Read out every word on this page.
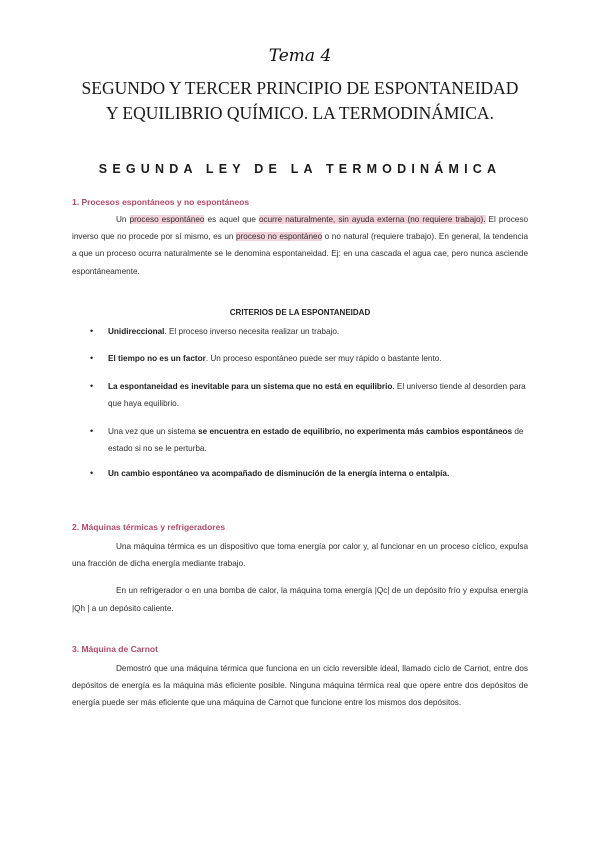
Tema 4
SEGUNDO Y TERCER PRINCIPIO DE ESPONTANEIDAD
Y EQUILIBRIO QUÍMICO. LA TERMODINÁMICA.
SEGUNDA LEY DE LA TERMODINÁMICA

1. Procesos espontáneos y no espontáneos

Un proceso espontáneo es aquel que ocurre naturalmente, sin ayuda externa (no requiere trabajo). El proceso inverso que no procede por sí mismo, es un proceso no espontáneo o no natural (requiere trabajo). En general, la tendencia a que un proceso ocurra naturalmente se le denomina espontaneidad. Ej: en una cascada el agua cae, pero nunca asciende espontáneamente.

CRITERIOS DE LA ESPONTANEIDAD
• Unidireccional. El proceso inverso necesita realizar un trabajo.
• El tiempo no es un factor. Un proceso espontáneo puede ser muy rápido o bastante lento.
• La espontaneidad es inevitable para un sistema que no está en equilibrio. El universo tiende al desorden para que haya equilibrio.
• Una vez que un sistema se encuentra en estado de equilibrio, no experimenta más cambios espontáneos de estado si no se le perturba.
• Un cambio espontáneo va acompañado de disminución de la energía interna o entalpía.

2. Máquinas térmicas y refrigeradores

Una máquina térmica es un dispositivo que toma energía por calor y, al funcionar en un proceso cíclico, expulsa una fracción de dicha energía mediante trabajo.

En un refrigerador o en una bomba de calor, la máquina toma energía |Qc| de un depósito frío y expulsa energía |Qh | a un depósito caliente.

3. Máquina de Carnot

Demostró que una máquina térmica que funciona en un ciclo reversible ideal, llamado ciclo de Carnot, entre dos depósitos de energía es la máquina más eficiente posible. Ninguna máquina térmica real que opere entre dos depósitos de energía puede ser más eficiente que una máquina de Carnot que funcione entre los mismos dos depósitos.
